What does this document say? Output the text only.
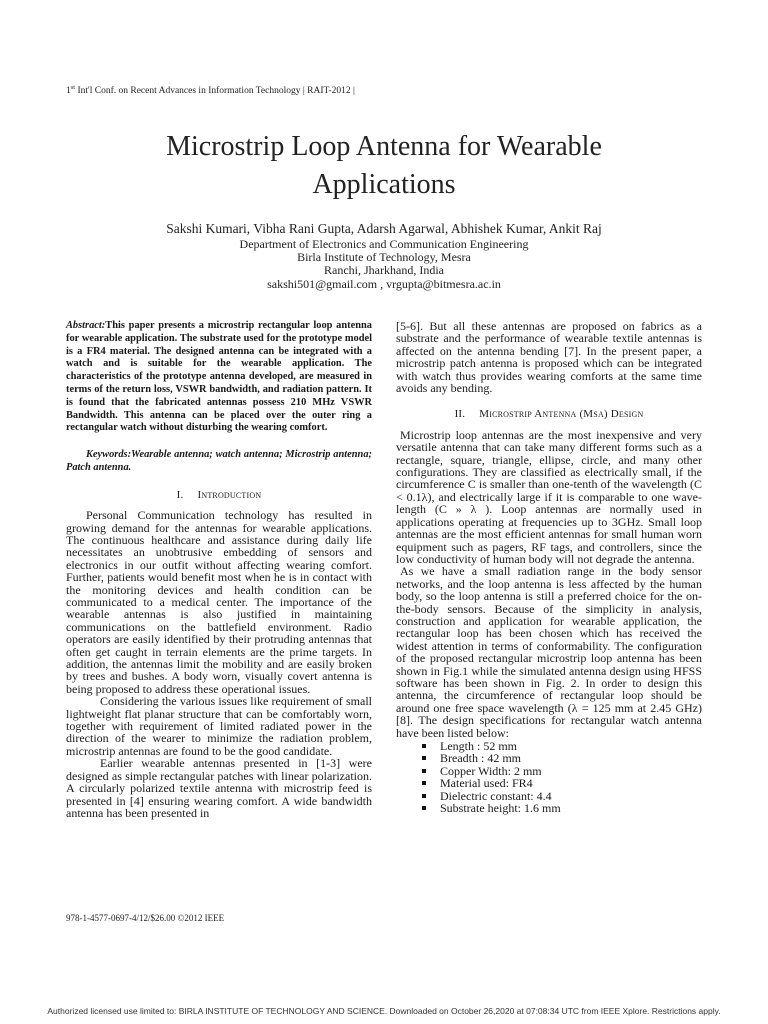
1st Int'l Conf. on Recent Advances in Information Technology | RAIT-2012 |
Microstrip Loop Antenna for Wearable
Applications
Sakshi Kumari, Vibha Rani Gupta, Adarsh Agarwal, Abhishek Kumar, Ankit Raj
Department of Electronics and Communication Engineering
Birla Institute of Technology, Mesra
Ranchi, Jharkhand, India
sakshi501@gmail.com , vrgupta@bitmesra.ac.in

Abstract:This paper presents a microstrip rectangular loop antenna for wearable application. The substrate used for the prototype model is a FR4 material. The designed antenna can be integrated with a watch and is suitable for the wearable application. The characteristics of the prototype antenna developed, are measured in terms of the return loss, VSWR bandwidth, and radiation pattern. It is found that the fabricated antennas possess 210 MHz VSWR Bandwidth. This antenna can be placed over the outer ring a rectangular watch without disturbing the wearing comfort.

Keywords:Wearable antenna; watch antenna; Microstrip antenna; Patch antenna.

I. Introduction

Personal Communication technology has resulted in growing demand for the antennas for wearable applications. The continuous healthcare and assistance during daily life necessitates an unobtrusive embedding of sensors and electronics in our outfit without affecting wearing comfort. Further, patients would benefit most when he is in contact with the monitoring devices and health condition can be communicated to a medical center. The importance of the wearable antennas is also justified in maintaining communications on the battlefield environment. Radio operators are easily identified by their protruding antennas that often get caught in terrain elements are the prime targets. In addition, the antennas limit the mobility and are easily broken by trees and bushes. A body worn, visually covert antenna is being proposed to address these operational issues.

Considering the various issues like requirement of small lightweight flat planar structure that can be comfortably worn, together with requirement of limited radiated power in the direction of the wearer to minimize the radiation problem, microstrip antennas are found to be the good candidate.

Earlier wearable antennas presented in [1-3] were designed as simple rectangular patches with linear polarization. A circularly polarized textile antenna with microstrip feed is presented in [4] ensuring wearing comfort. A wide bandwidth antenna has been presented in

[5-6]. But all these antennas are proposed on fabrics as a substrate and the performance of wearable textile antennas is affected on the antenna bending [7]. In the present paper, a microstrip patch antenna is proposed which can be integrated with watch thus provides wearing comforts at the same time avoids any bending.

II. Microstrip Antenna (Msa) Design

Microstrip loop antennas are the most inexpensive and very versatile antenna that can take many different forms such as a rectangle, square, triangle, ellipse, circle, and many other configurations. They are classified as electrically small, if the circumference C is smaller than one-tenth of the wavelength (C < 0.1λ), and electrically large if it is comparable to one wave-length (C » λ ). Loop antennas are normally used in applications operating at frequencies up to 3GHz. Small loop antennas are the most efficient antennas for small human worn equipment such as pagers, RF tags, and controllers, since the low conductivity of human body will not degrade the antenna.

As we have a small radiation range in the body sensor networks, and the loop antenna is less affected by the human body, so the loop antenna is still a preferred choice for the on-the-body sensors. Because of the simplicity in analysis, construction and application for wearable application, the rectangular loop has been chosen which has received the widest attention in terms of conformability. The configuration of the proposed rectangular microstrip loop antenna has been shown in Fig.1 while the simulated antenna design using HFSS software has been shown in Fig. 2. In order to design this antenna, the circumference of rectangular loop should be around one free space wavelength (λ = 125 mm at 2.45 GHz) [8]. The design specifications for rectangular watch antenna have been listed below:

Length : 52 mm
Breadth : 42 mm
Copper Width: 2 mm
Material used: FR4
Dielectric constant: 4.4
Substrate height: 1.6 mm
978-1-4577-0697-4/12/$26.00 ©2012 IEEE
Authorized licensed use limited to: BIRLA INSTITUTE OF TECHNOLOGY AND SCIENCE. Downloaded on October 26,2020 at 07:08:34 UTC from IEEE Xplore. Restrictions apply.
